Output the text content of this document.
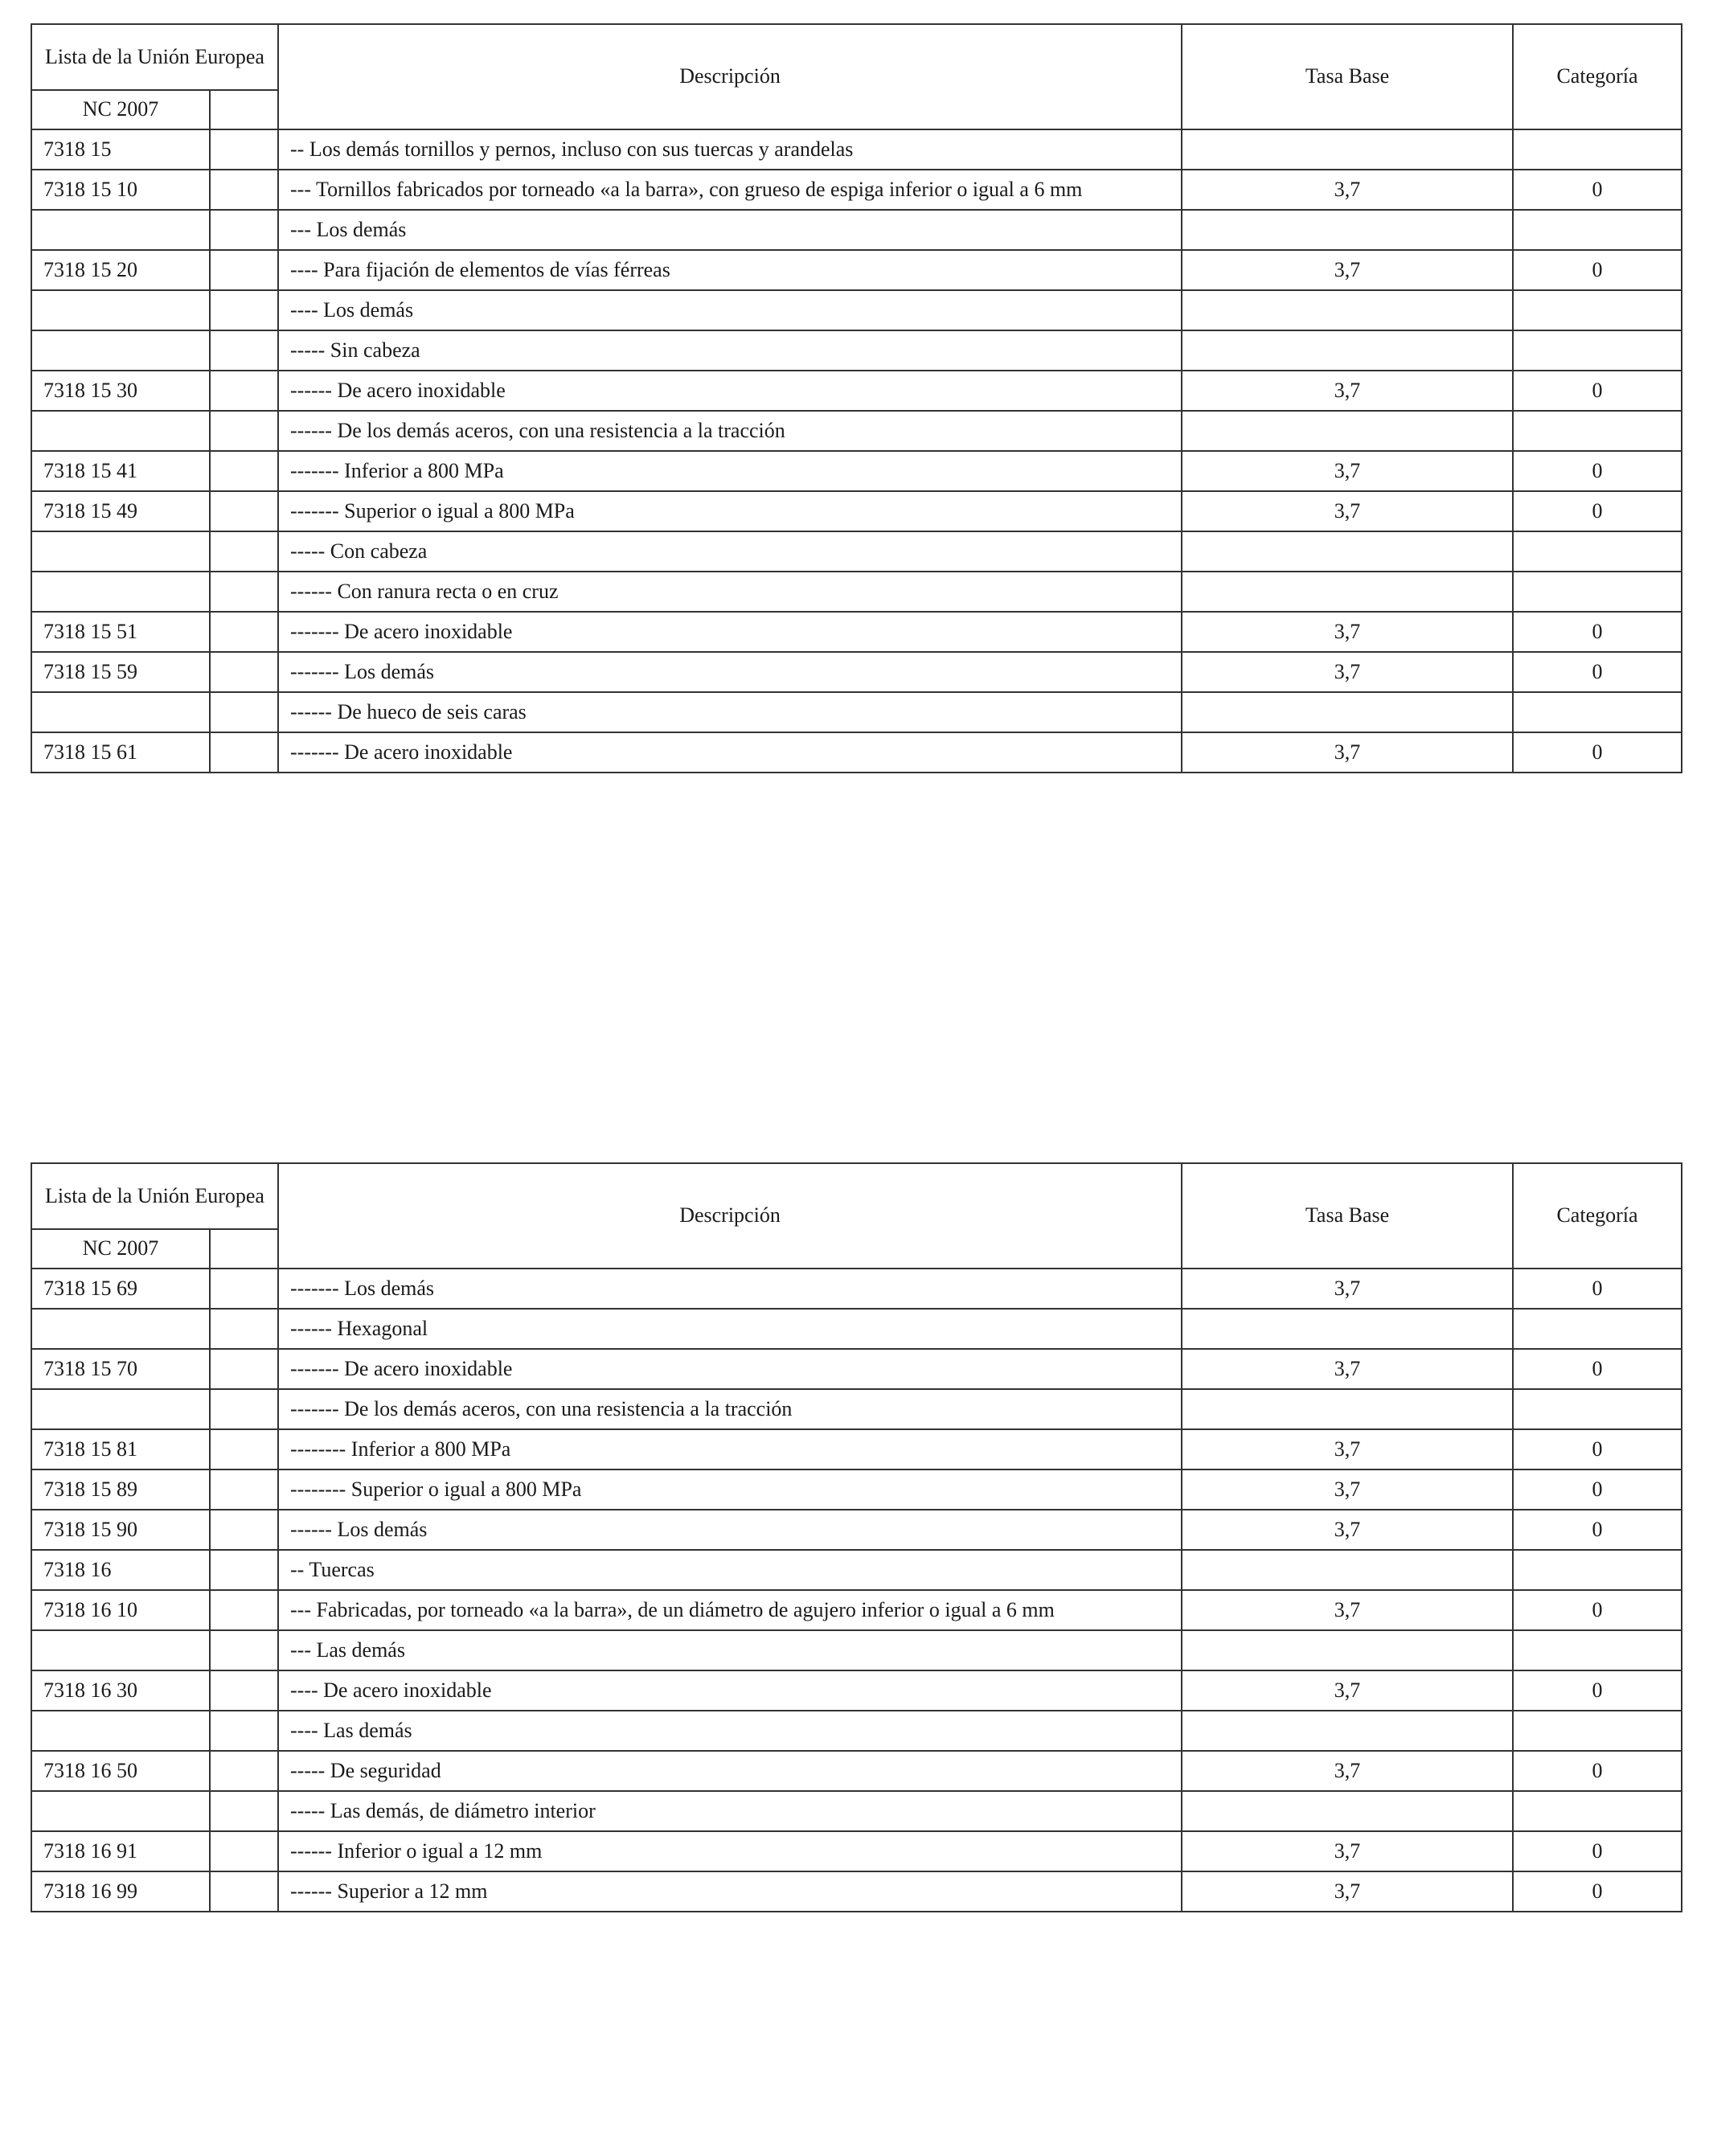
Lista de la Unión Europea		Descripción	Tasa Base	Categoría
NC 2007				
7318 15		-- Los demás tornillos y pernos, incluso con sus tuercas y arandelas		
7318 15 10		--- Tornillos fabricados por torneado «a la barra», con grueso de espiga inferior o igual a 6 mm	3,7	0
		--- Los demás		
7318 15 20		---- Para fijación de elementos de vías férreas	3,7	0
		---- Los demás		
		----- Sin cabeza		
7318 15 30		------ De acero inoxidable	3,7	0
		------ De los demás aceros, con una resistencia a la tracción		
7318 15 41		------- Inferior a 800 MPa	3,7	0
7318 15 49		------- Superior o igual a 800 MPa	3,7	0
		----- Con cabeza		
		------ Con ranura recta o en cruz		
7318 15 51		------- De acero inoxidable	3,7	0
7318 15 59		------- Los demás	3,7	0
		------ De hueco de seis caras		
7318 15 61		------- De acero inoxidable	3,7	0
Lista de la Unión Europea		Descripción	Tasa Base	Categoría
NC 2007				
7318 15 69		------- Los demás	3,7	0
		------ Hexagonal		
7318 15 70		------- De acero inoxidable	3,7	0
		------- De los demás aceros, con una resistencia a la tracción		
7318 15 81		-------- Inferior a 800 MPa	3,7	0
7318 15 89		-------- Superior o igual a 800 MPa	3,7	0
7318 15 90		------ Los demás	3,7	0
7318 16		-- Tuercas		
7318 16 10		--- Fabricadas, por torneado «a la barra», de un diámetro de agujero inferior o igual a 6 mm	3,7	0
		--- Las demás		
7318 16 30		---- De acero inoxidable	3,7	0
		---- Las demás		
7318 16 50		----- De seguridad	3,7	0
		----- Las demás, de diámetro interior		
7318 16 91		------ Inferior o igual a 12 mm	3,7	0
7318 16 99		------ Superior a 12 mm	3,7	0
